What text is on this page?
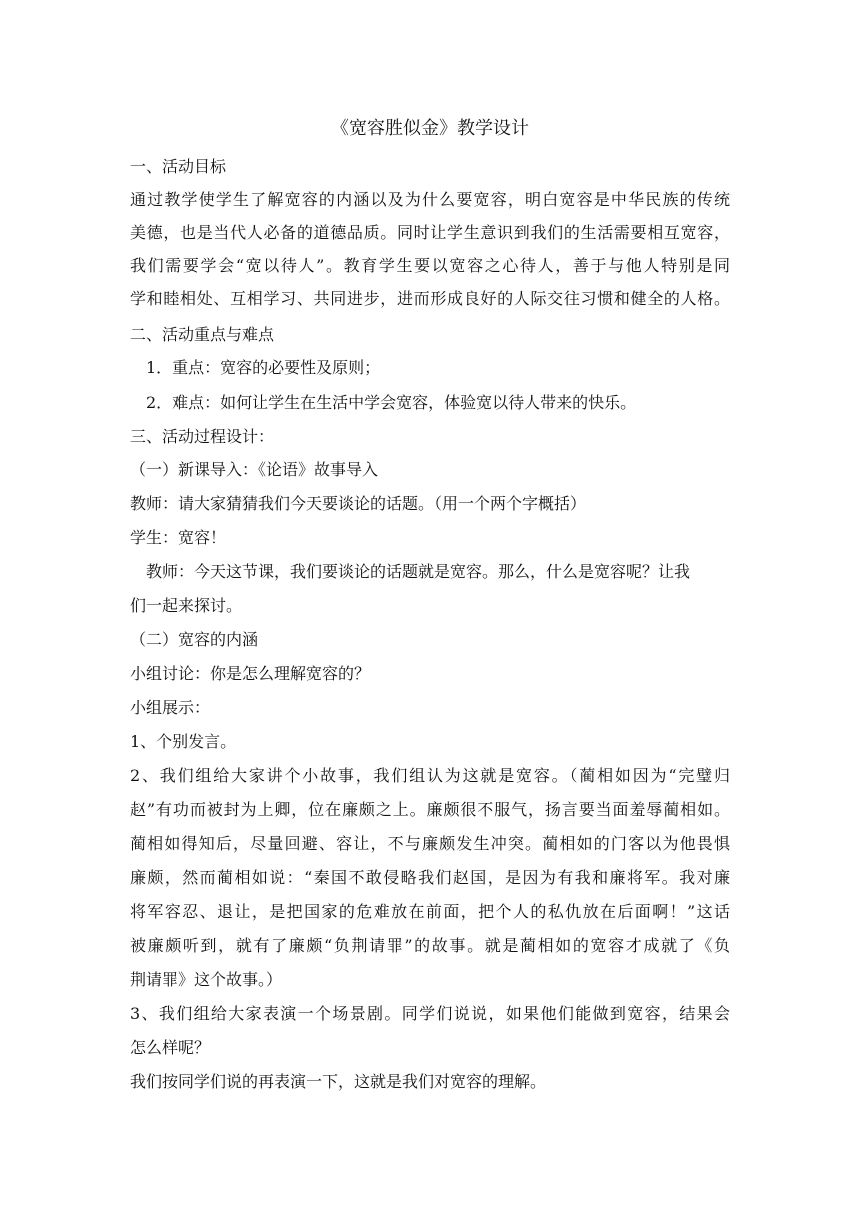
《宽容胜似金》教学设计
一、活动目标
通过教学使学生了解宽容的内涵以及为什么要宽容，明白宽容是中华民族的传统
美德，也是当代人必备的道德品质。同时让学生意识到我们的生活需要相互宽容，
我们需要学会“宽以待人”。教育学生要以宽容之心待人，善于与他人特别是同
学和睦相处、互相学习、共同进步，进而形成良好的人际交往习惯和健全的人格。
二、活动重点与难点
1．重点：宽容的必要性及原则；
2．难点：如何让学生在生活中学会宽容，体验宽以待人带来的快乐。
三、活动过程设计：
（一）新课导入：《论语》故事导入
教师：请大家猜猜我们今天要谈论的话题。（用一个两个字概括）
学生：宽容！
教师：今天这节课，我们要谈论的话题就是宽容。那么，什么是宽容呢？让我
们一起来探讨。
（二）宽容的内涵
小组讨论：你是怎么理解宽容的？
小组展示：
1、个别发言。
2、我们组给大家讲个小故事，我们组认为这就是宽容。（蔺相如因为“完璧归
赵”有功而被封为上卿，位在廉颇之上。廉颇很不服气，扬言要当面羞辱蔺相如。
蔺相如得知后，尽量回避、容让，不与廉颇发生冲突。蔺相如的门客以为他畏惧
廉颇，然而蔺相如说：“秦国不敢侵略我们赵国，是因为有我和廉将军。我对廉
将军容忍、退让，是把国家的危难放在前面，把个人的私仇放在后面啊！”这话
被廉颇听到，就有了廉颇“负荆请罪”的故事。就是蔺相如的宽容才成就了《负
荆请罪》这个故事。）
3、我们组给大家表演一个场景剧。同学们说说，如果他们能做到宽容，结果会
怎么样呢？
我们按同学们说的再表演一下，这就是我们对宽容的理解。
